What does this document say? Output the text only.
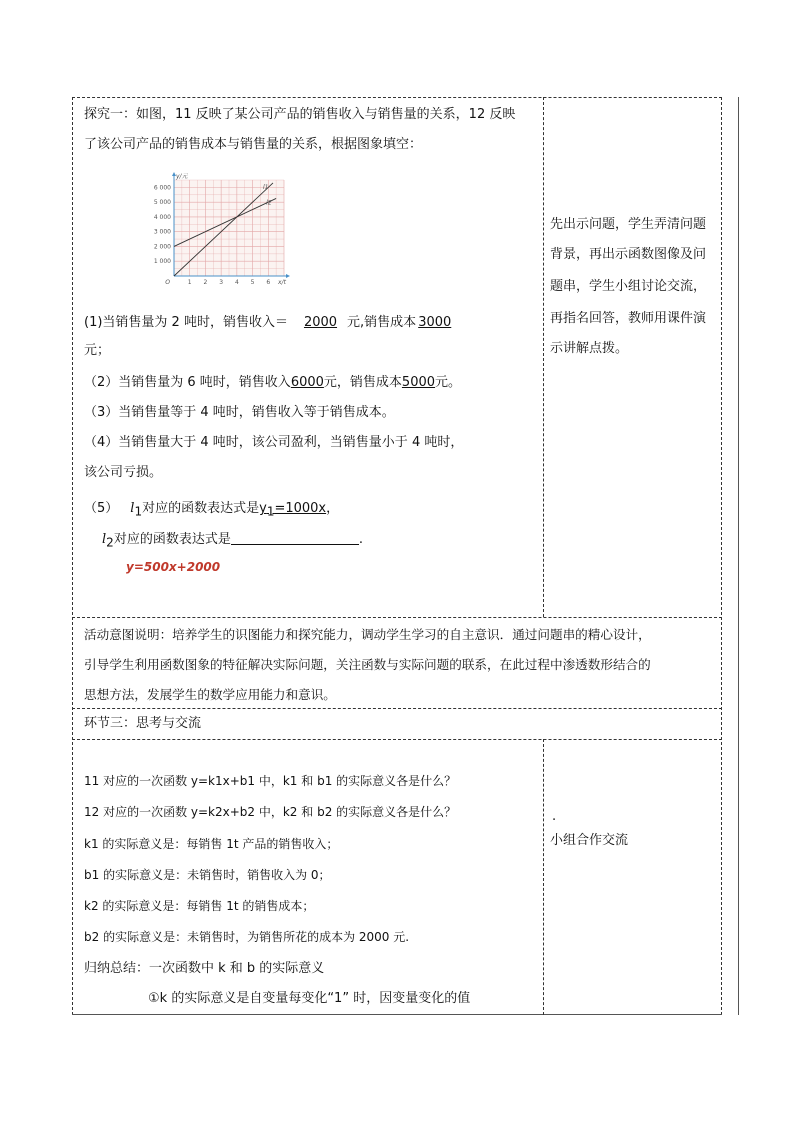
探究一：如图，11 反映了某公司产品的销售收入与销售量的关系，12 反映
了该公司产品的销售成本与销售量的关系，根据图象填空：
1 2 3 4 5 6
1 000
2 000
3 000
4 000
5 000
6 000
O
y/元
x/t
l1
l2
(1)当销售量为 2 吨时，销售收入＝ 2000 元,销售成本 3000
元；
（2）当销售量为 6 吨时，销售收入6000元，销售成本5000元。
（3）当销售量等于 4 吨时，销售收入等于销售成本。
（4）当销售量大于 4 吨时，该公司盈利，当销售量小于 4 吨时，
该公司亏损。
（5） $l_1$对应的函数表达式是$y_1=1000x$，
$l_2$对应的函数表达式是	.
y=500x+2000
先出示问题，学生弄清问题
背景，再出示函数图像及问
题串，学生小组讨论交流，
再指名回答，教师用课件演
示讲解点拨。
活动意图说明：培养学生的识图能力和探究能力，调动学生学习的自主意识．通过问题串的精心设计，
引导学生利用函数图象的特征解决实际问题，关注函数与实际问题的联系，在此过程中渗透数形结合的
思想方法，发展学生的数学应用能力和意识。
环节三：思考与交流
11 对应的一次函数 y=k1x+b1 中，k1 和 b1 的实际意义各是什么？
12 对应的一次函数 y=k2x+b2 中，k2 和 b2 的实际意义各是什么？
k1 的实际意义是：每销售 1t 产品的销售收入；
b1 的实际意义是：未销售时，销售收入为 0；
k2 的实际意义是：每销售 1t 的销售成本；
b2 的实际意义是：未销售时，为销售所花的成本为 2000 元.
归纳总结：一次函数中 k 和 b 的实际意义
①k 的实际意义是自变量每变化“1” 时，因变量变化的值
.
小组合作交流
